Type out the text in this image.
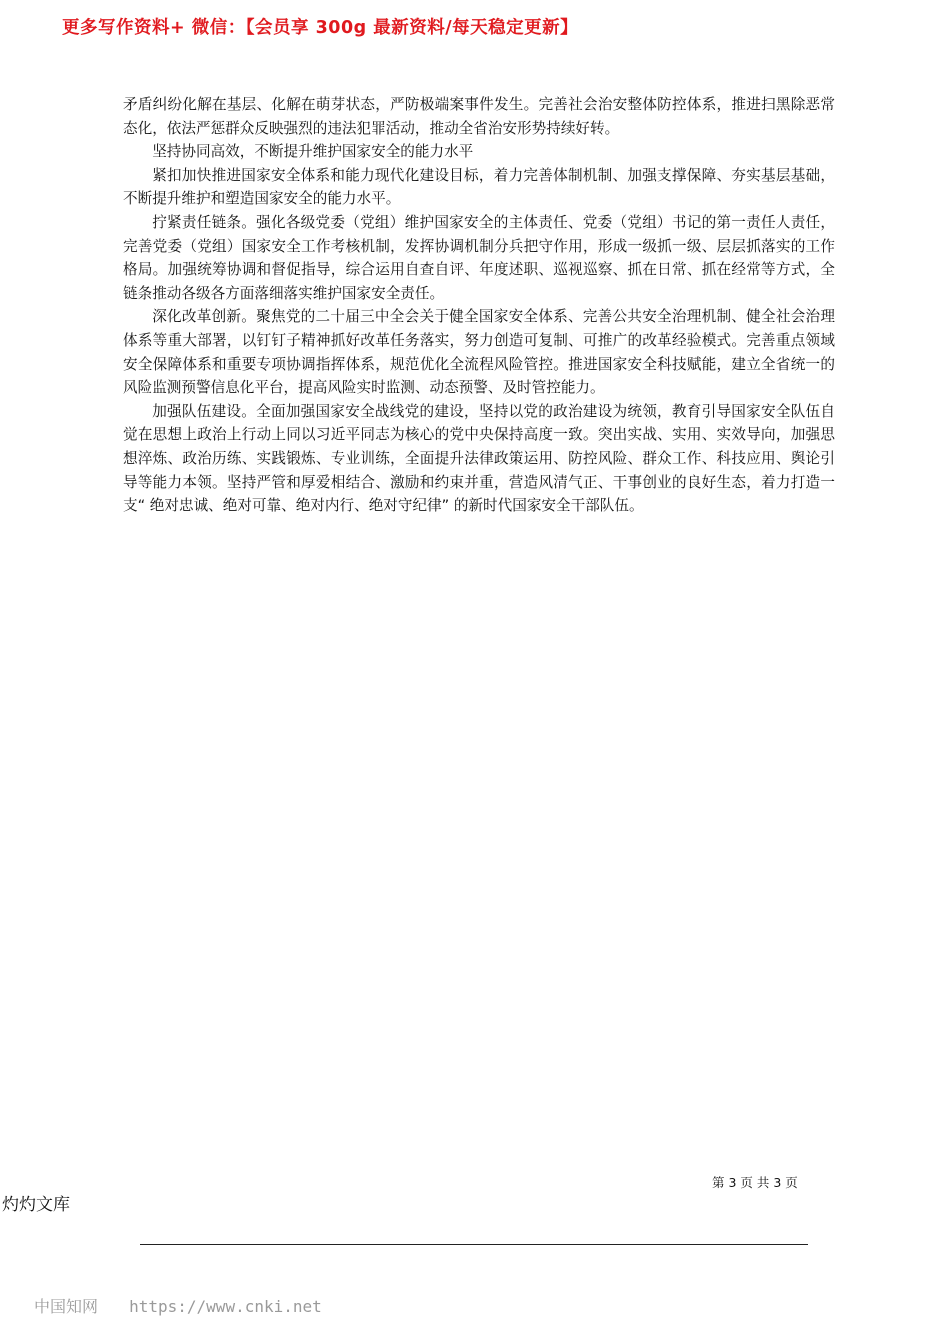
更多写作资料+ 微信：【会员享 300g 最新资料/每天稳定更新】

矛盾纠纷化解在基层、化解在萌芽状态，严防极端案事件发生。完善社会治安整体防控体系，推进扫黑除恶常态化，依法严惩群众反映强烈的违法犯罪活动，推动全省治安形势持续好转。

坚持协同高效，不断提升维护国家安全的能力水平

紧扣加快推进国家安全体系和能力现代化建设目标，着力完善体制机制、加强支撑保障、夯实基层基础，不断提升维护和塑造国家安全的能力水平。

拧紧责任链条。强化各级党委（党组）维护国家安全的主体责任、党委（党组）书记的第一责任人责任，完善党委（党组）国家安全工作考核机制，发挥协调机制分兵把守作用，形成一级抓一级、层层抓落实的工作格局。加强统筹协调和督促指导，综合运用自查自评、年度述职、巡视巡察、抓在日常、抓在经常等方式，全链条推动各级各方面落细落实维护国家安全责任。

深化改革创新。聚焦党的二十届三中全会关于健全国家安全体系、完善公共安全治理机制、健全社会治理体系等重大部署，以钉钉子精神抓好改革任务落实，努力创造可复制、可推广的改革经验模式。完善重点领域安全保障体系和重要专项协调指挥体系，规范优化全流程风险管控。推进国家安全科技赋能，建立全省统一的风险监测预警信息化平台，提高风险实时监测、动态预警、及时管控能力。

加强队伍建设。全面加强国家安全战线党的建设，坚持以党的政治建设为统领，教育引导国家安全队伍自觉在思想上政治上行动上同以习近平同志为核心的党中央保持高度一致。突出实战、实用、实效导向，加强思想淬炼、政治历练、实践锻炼、专业训练，全面提升法律政策运用、防控风险、群众工作、科技应用、舆论引导等能力本领。坚持严管和厚爱相结合、激励和约束并重，营造风清气正、干事创业的良好生态，着力打造一支“ 绝对忠诚、绝对可靠、绝对内行、绝对守纪律” 的新时代国家安全干部队伍。

第 3 页 共 3 页
灼灼文库
中国知网 https://www.cnki.net
